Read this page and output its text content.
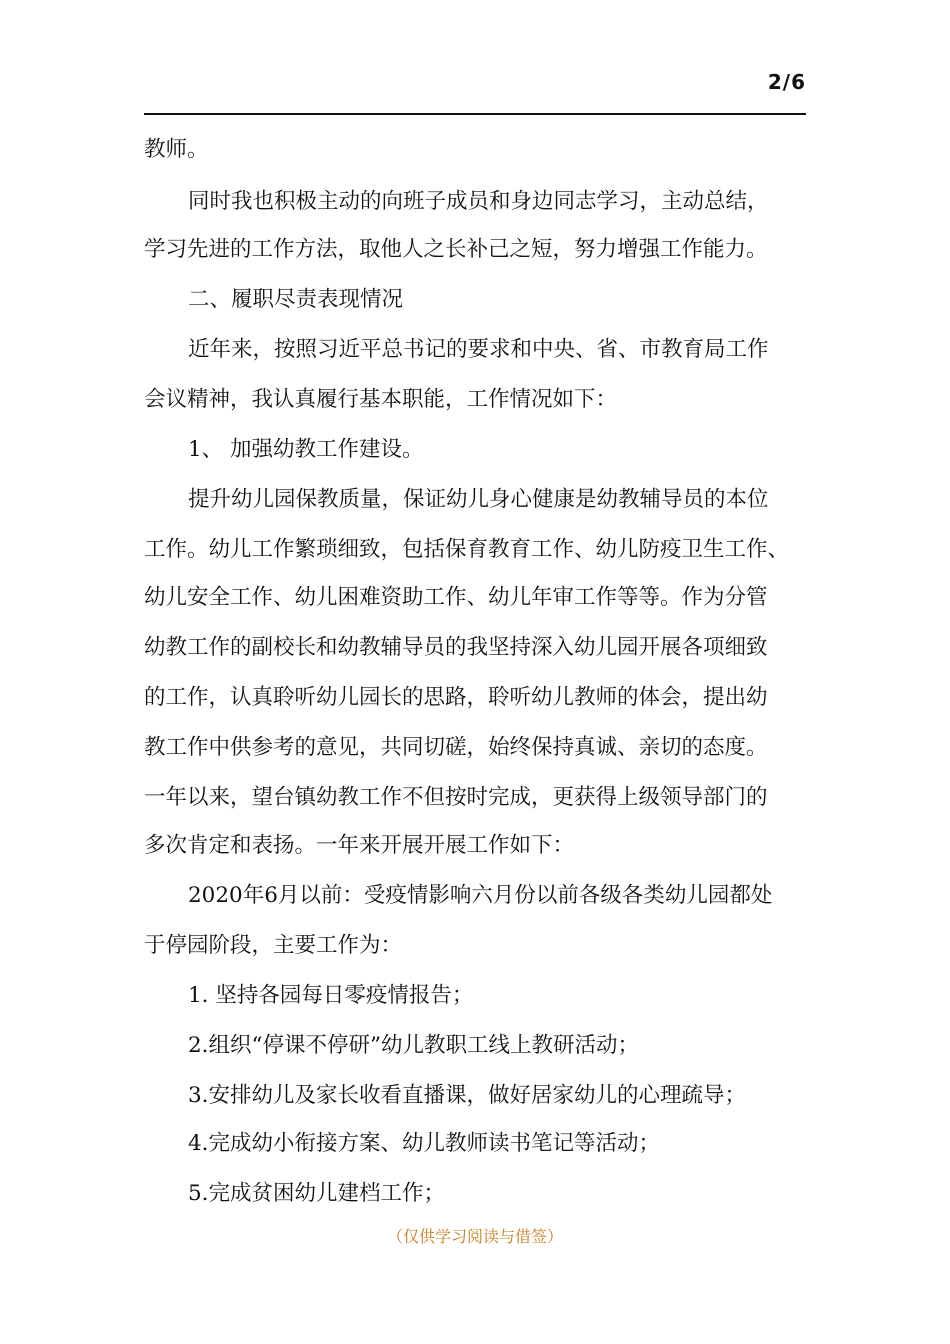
2/6
教师。
同时我也积极主动的向班子成员和身边同志学习，主动总结，
学习先进的工作方法，取他人之长补己之短，努力增强工作能力。
二、履职尽责表现情况
近年来，按照习近平总书记的要求和中央、省、市教育局工作
会议精神，我认真履行基本职能，工作情况如下：
1、 加强幼教工作建设。
提升幼儿园保教质量，保证幼儿身心健康是幼教辅导员的本位
工作。幼儿工作繁琐细致，包括保育教育工作、幼儿防疫卫生工作、
幼儿安全工作、幼儿困难资助工作、幼儿年审工作等等。作为分管
幼教工作的副校长和幼教辅导员的我坚持深入幼儿园开展各项细致
的工作，认真聆听幼儿园长的思路，聆听幼儿教师的体会，提出幼
教工作中供参考的意见，共同切磋，始终保持真诚、亲切的态度。
一年以来，望台镇幼教工作不但按时完成，更获得上级领导部门的
多次肯定和表扬。一年来开展开展工作如下：
2020年6月以前：受疫情影响六月份以前各级各类幼儿园都处
于停园阶段，主要工作为：
1. 坚持各园每日零疫情报告；
2.组织“停课不停研”幼儿教职工线上教研活动；
3.安排幼儿及家长收看直播课，做好居家幼儿的心理疏导；
4.完成幼小衔接方案、幼儿教师读书笔记等活动；
5.完成贫困幼儿建档工作；
（仅供学习阅读与借签）
